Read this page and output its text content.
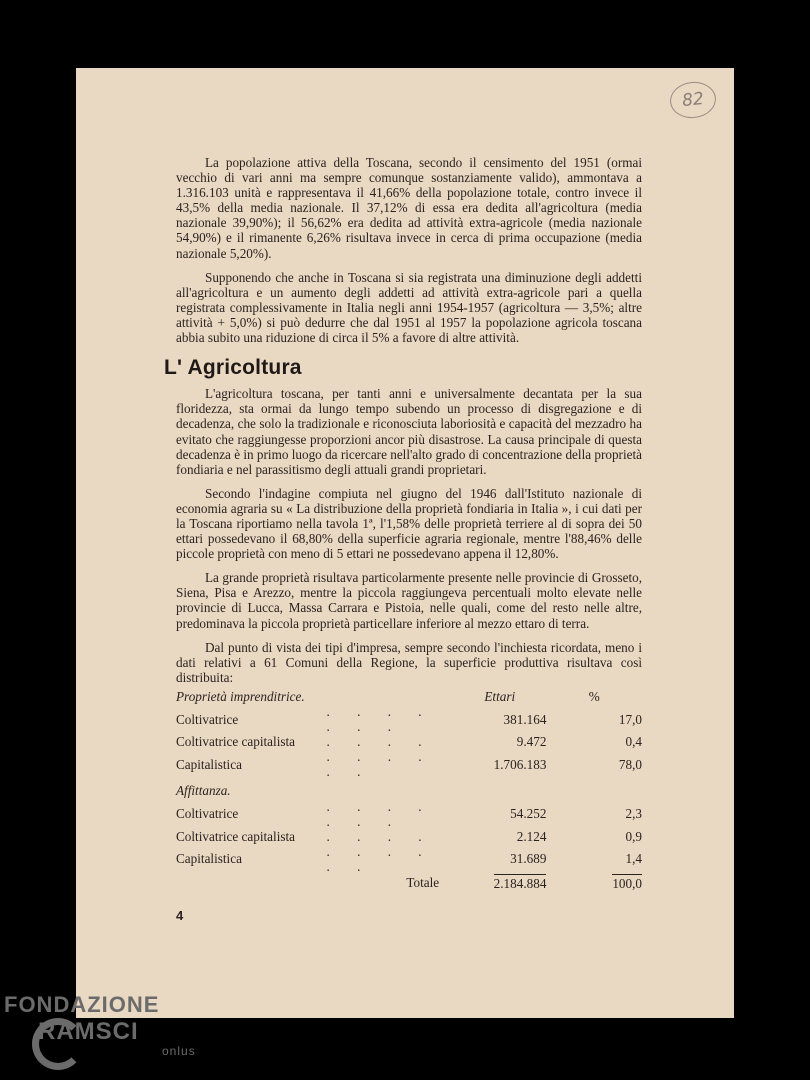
82

La popolazione attiva della Toscana, secondo il censimento del 1951 (ormai vecchio di vari anni ma sempre comunque sostanziamente valido), ammontava a 1.316.103 unità e rappresentava il 41,66% della popolazione totale, contro invece il 43,5% della media nazionale. Il 37,12% di essa era dedita all'agricoltura (media nazionale 39,90%); il 56,62% era dedita ad attività extra-agricole (media nazionale 54,90%) e il rimanente 6,26% risultava invece in cerca di prima occupazione (media nazionale 5,20%).

Supponendo che anche in Toscana si sia registrata una diminuzione degli addetti all'agricoltura e un aumento degli addetti ad attività extra-agricole pari a quella registrata complessivamente in Italia negli anni 1954-1957 (agricoltura — 3,5%; altre attività + 5,0%) si può dedurre che dal 1951 al 1957 la popolazione agricola toscana abbia subito una riduzione di circa il 5% a favore di altre attività.

L' Agricoltura

L'agricoltura toscana, per tanti anni e universalmente decantata per la sua floridezza, sta ormai da lungo tempo subendo un processo di disgregazione e di decadenza, che solo la tradizionale e riconosciuta laboriosità e capacità del mezzadro ha evitato che raggiungesse proporzioni ancor più disastrose. La causa principale di questa decadenza è in primo luogo da ricercare nell'alto grado di concentrazione della proprietà fondiaria e nel parassitismo degli attuali grandi proprietari.

Secondo l'indagine compiuta nel giugno del 1946 dall'Istituto nazionale di economia agraria su « La distribuzione della proprietà fondiaria in Italia », i cui dati per la Toscana riportiamo nella tavola 1ª, l'1,58% delle proprietà terriere al di sopra dei 50 ettari possedevano il 68,80% della superficie agraria regionale, mentre l'88,46% delle piccole proprietà con meno di 5 ettari ne possedevano appena il 12,80%.

La grande proprietà risultava particolarmente presente nelle provincie di Grosseto, Siena, Pisa e Arezzo, mentre la piccola raggiungeva percentuali molto elevate nelle provincie di Lucca, Massa Carrara e Pistoia, nelle quali, come del resto nelle altre, predominava la piccola proprietà particellare inferiore al mezzo ettaro di terra.

Dal punto di vista dei tipi d'impresa, sempre secondo l'inchiesta ricordata, meno i dati relativi a 61 Comuni della Regione, la superficie produttiva risultava così distribuita:

Proprietà imprenditrice.		Ettari	%
Coltivatrice	. . . . . . .	381.164	17,0
Coltivatrice capitalista	. . . .	9.472	0,4
Capitalistica	. . . . . .	1.706.183	78,0

Affittanza.			
Coltivatrice	. . . . . . .	54.252	2,3
Coltivatrice capitalista	. . . .	2.124	0,9
Capitalistica	. . . . . .	31.689	1,4
	Totale	2.184.884	100,0
4
FONDAZIONE
RAMSCI
onlus
